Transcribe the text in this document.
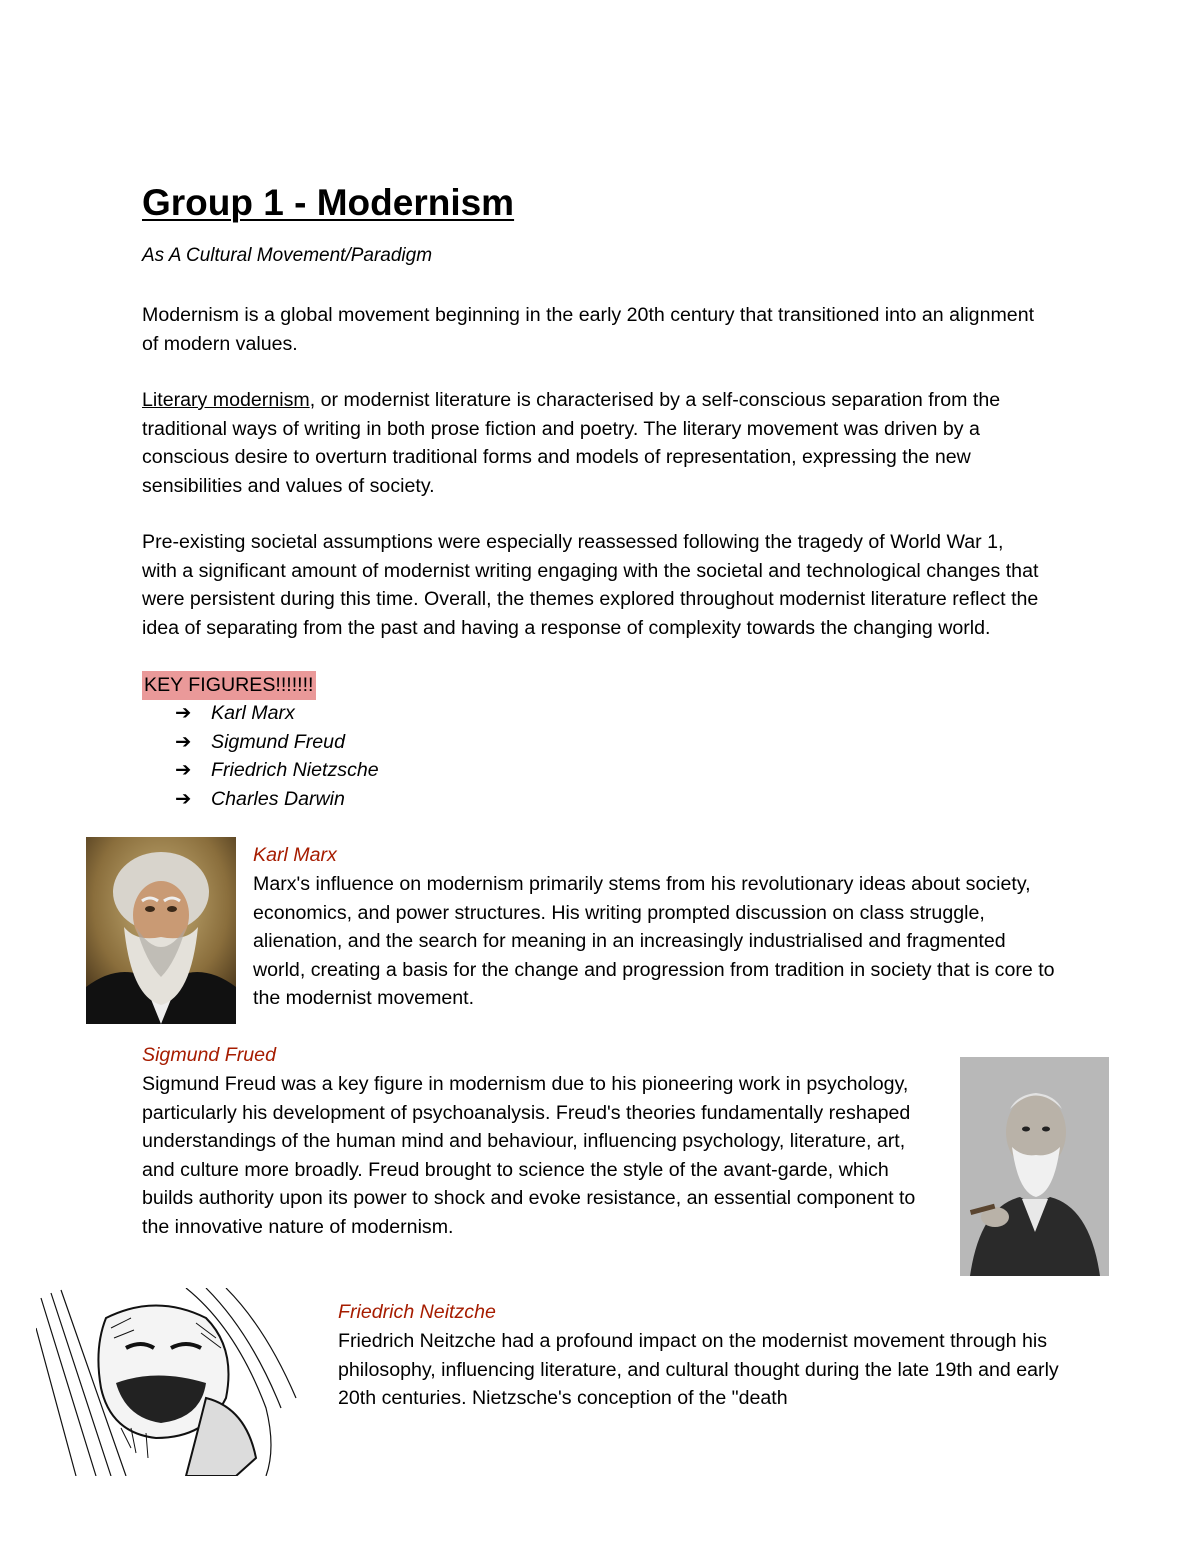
Group 1 - Modernism
As A Cultural Movement/Paradigm

Modernism is a global movement beginning in the early 20th century that transitioned into an alignment of modern values.

Literary modernism, or modernist literature is characterised by a self-conscious separation from the traditional ways of writing in both prose fiction and poetry. The literary movement was driven by a conscious desire to overturn traditional forms and models of representation, expressing the new sensibilities and values of society.

Pre-existing societal assumptions were especially reassessed following the tragedy of World War 1, with a significant amount of modernist writing engaging with the societal and technological changes that were persistent during this time. Overall, the themes explored throughout modernist literature reflect the idea of separating from the past and having a response of complexity towards the changing world.

KEY FIGURES!!!!!!!
➔ Karl Marx
➔ Sigmund Freud
➔ Friedrich Nietzsche
➔ Charles Darwin
Karl Marx

Marx's influence on modernism primarily stems from his revolutionary ideas about society, economics, and power structures. His writing prompted discussion on class struggle, alienation, and the search for meaning in an increasingly industrialised and fragmented world, creating a basis for the change and progression from tradition in society that is core to the modernist movement.

Sigmund Frued

Sigmund Freud was a key figure in modernism due to his pioneering work in psychology, particularly his development of psychoanalysis. Freud's theories fundamentally reshaped understandings of the human mind and behaviour, influencing psychology, literature, art, and culture more broadly. Freud brought to science the style of the avant-garde, which builds authority upon its power to shock and evoke resistance, an essential component to the innovative nature of modernism.

Friedrich Neitzche

Friedrich Neitzche had a profound impact on the modernist movement through his philosophy, influencing literature, and cultural thought during the late 19th and early 20th centuries. Nietzsche's conception of the "death
